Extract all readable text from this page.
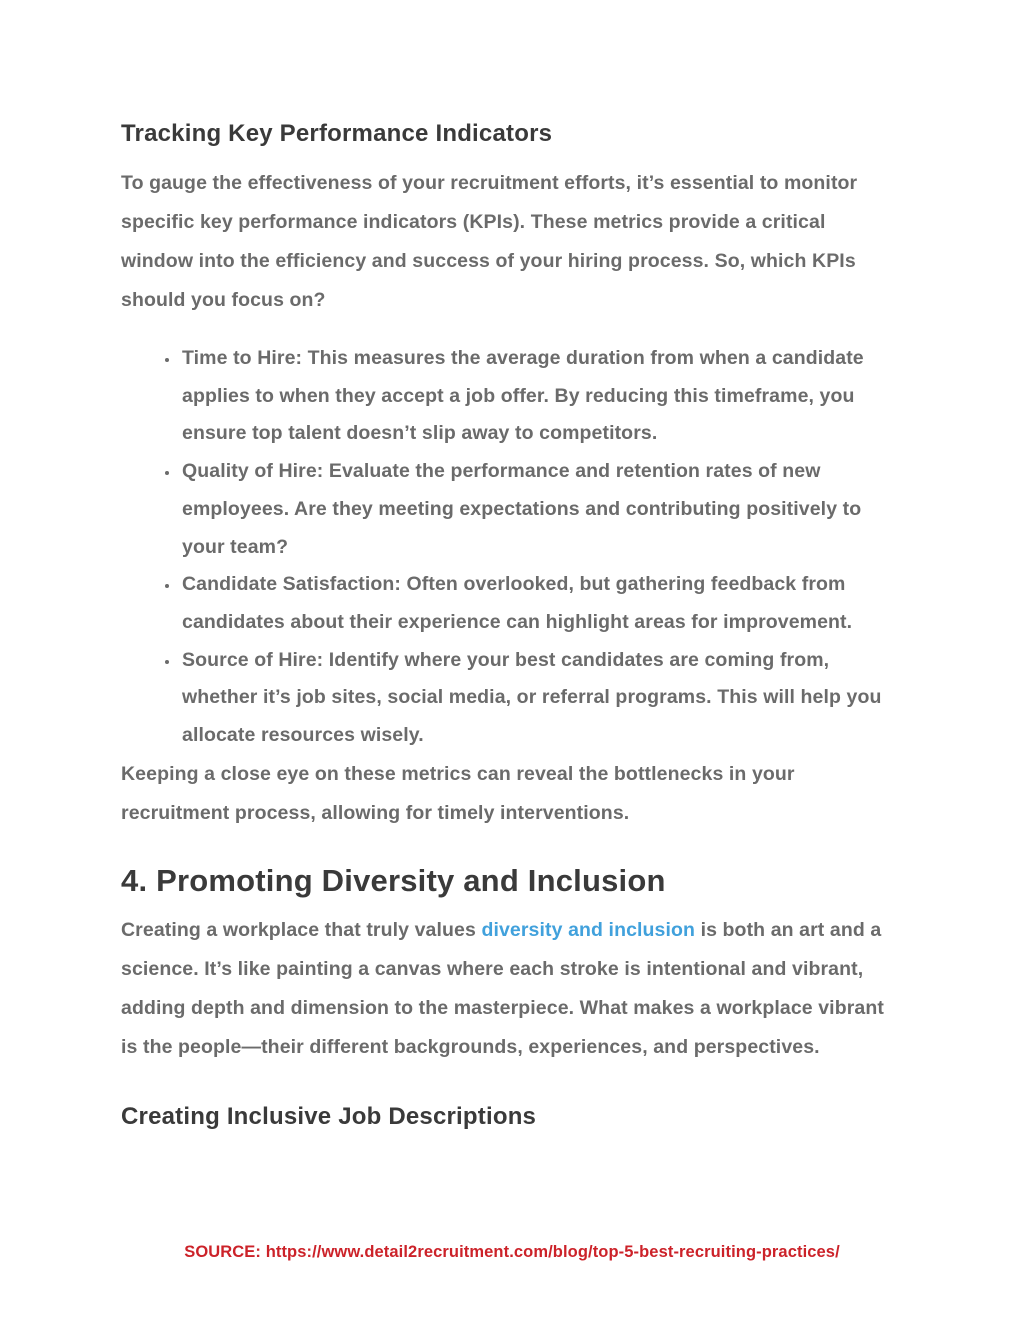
Tracking Key Performance Indicators

To gauge the effectiveness of your recruitment efforts, it’s essential to monitor specific key performance indicators (KPIs). These metrics provide a critical window into the efficiency and success of your hiring process. So, which KPIs should you focus on?

• Time to Hire: This measures the average duration from when a candidate applies to when they accept a job offer. By reducing this timeframe, you ensure top talent doesn’t slip away to competitors.
• Quality of Hire: Evaluate the performance and retention rates of new employees. Are they meeting expectations and contributing positively to your team?
• Candidate Satisfaction: Often overlooked, but gathering feedback from candidates about their experience can highlight areas for improvement.
• Source of Hire: Identify where your best candidates are coming from, whether it’s job sites, social media, or referral programs. This will help you allocate resources wisely.

Keeping a close eye on these metrics can reveal the bottlenecks in your recruitment process, allowing for timely interventions.

4. Promoting Diversity and Inclusion

Creating a workplace that truly values diversity and inclusion is both an art and a science. It’s like painting a canvas where each stroke is intentional and vibrant, adding depth and dimension to the masterpiece. What makes a workplace vibrant is the people—their different backgrounds, experiences, and perspectives.

Creating Inclusive Job Descriptions
SOURCE: https://www.detail2recruitment.com/blog/top-5-best-recruiting-practices/
